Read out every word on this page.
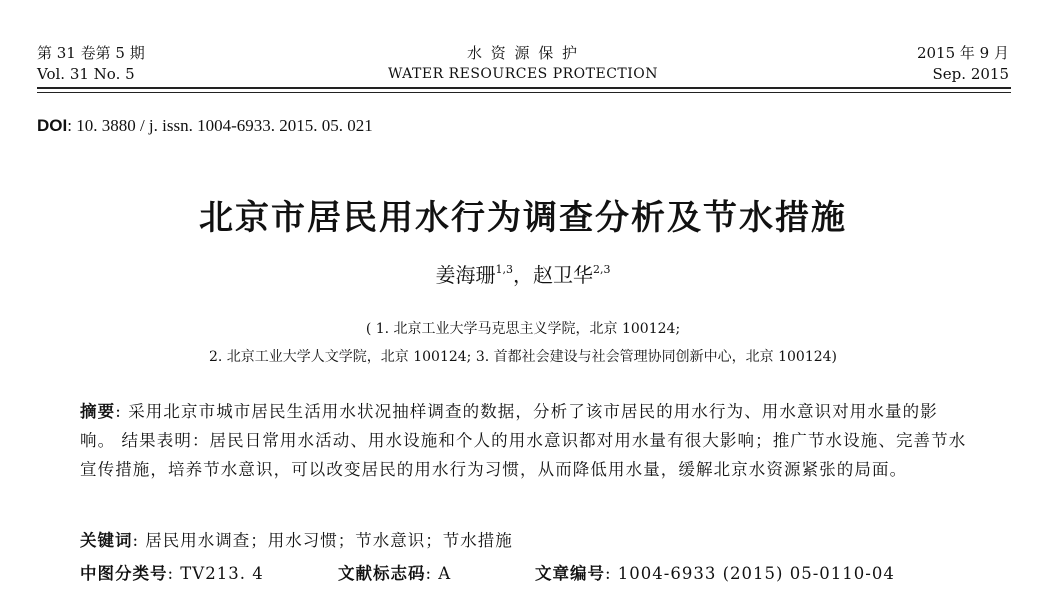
第 31 卷第 5 期
Vol. 31 No. 5
水 资 源 保 护
WATER RESOURCES PROTECTION
2015 年 9 月
Sep. 2015
DOI: 10. 3880 / j. issn. 1004-6933. 2015. 05. 021
北京市居民用水行为调查分析及节水措施
姜海珊$^{1,3}$，赵卫华$^{2,3}$
( 1. 北京工业大学马克思主义学院，北京 100124;
2. 北京工业大学人文学院，北京 100124; 3. 首都社会建设与社会管理协同创新中心，北京 100124)
摘要: 采用北京市城市居民生活用水状况抽样调查的数据，分析了该市居民的用水行为、用水意识对用水量的影响。 结果表明：居民日常用水活动、用水设施和个人的用水意识都对用水量有很大影响；推广节水设施、完善节水宣传措施，培养节水意识，可以改变居民的用水行为习惯，从而降低用水量，缓解北京水资源紧张的局面。
关键词: 居民用水调查；用水习惯；节水意识；节水措施
中图分类号: TV213. 4	文献标志码: A	文章编号: 1004-6933 (2015) 05-0110-04
